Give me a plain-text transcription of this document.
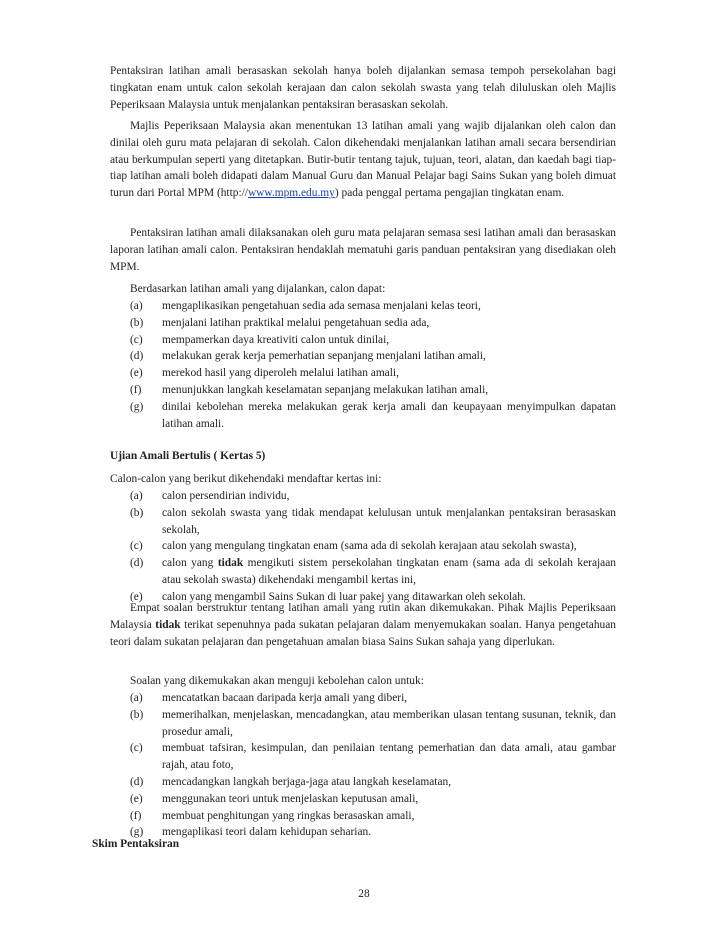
Pentaksiran latihan amali berasaskan sekolah hanya boleh dijalankan semasa tempoh persekolahan bagi tingkatan enam untuk calon sekolah kerajaan dan calon sekolah swasta yang telah diluluskan oleh Majlis Peperiksaan Malaysia untuk menjalankan pentaksiran berasaskan sekolah.
Majlis Peperiksaan Malaysia akan menentukan 13 latihan amali yang wajib dijalankan oleh calon dan dinilai oleh guru mata pelajaran di sekolah. Calon dikehendaki menjalankan latihan amali secara bersendirian atau berkumpulan seperti yang ditetapkan. Butir-butir tentang tajuk, tujuan, teori, alatan, dan kaedah bagi tiap-tiap latihan amali boleh didapati dalam Manual Guru dan Manual Pelajar bagi Sains Sukan yang boleh dimuat turun dari Portal MPM (http://www.mpm.edu.my) pada penggal pertama pengajian tingkatan enam.
Pentaksiran latihan amali dilaksanakan oleh guru mata pelajaran semasa sesi latihan amali dan berasaskan laporan latihan amali calon. Pentaksiran hendaklah mematuhi garis panduan pentaksiran yang disediakan oleh MPM.
Berdasarkan latihan amali yang dijalankan, calon dapat:
(a)	mengaplikasikan pengetahuan sedia ada semasa menjalani kelas teori,
(b)	menjalani latihan praktikal melalui pengetahuan sedia ada,
(c)	mempamerkan daya kreativiti calon untuk dinilai,
(d)	melakukan gerak kerja pemerhatian sepanjang menjalani latihan amali,
(e)	merekod hasil yang diperoleh melalui latihan amali,
(f)	menunjukkan langkah keselamatan sepanjang melakukan latihan amali,
(g)	dinilai kebolehan mereka melakukan gerak kerja amali dan keupayaan menyimpulkan dapatan latihan amali.
Ujian Amali Bertulis ( Kertas 5)
Calon-calon yang berikut dikehendaki mendaftar kertas ini:
(a)	calon persendirian individu,
(b)	calon sekolah swasta yang tidak mendapat kelulusan untuk menjalankan pentaksiran berasaskan sekolah,
(c)	calon yang mengulang tingkatan enam (sama ada di sekolah kerajaan atau sekolah swasta),
(d)	calon yang tidak mengikuti sistem persekolahan tingkatan enam (sama ada di sekolah kerajaan atau sekolah swasta) dikehendaki mengambil kertas ini,
(e)	calon yang mengambil Sains Sukan di luar pakej yang ditawarkan oleh sekolah.
Empat soalan berstruktur tentang latihan amali yang rutin akan dikemukakan. Pihak Majlis Peperiksaan Malaysia tidak terikat sepenuhnya pada sukatan pelajaran dalam menyemukakan soalan. Hanya pengetahuan teori dalam sukatan pelajaran dan pengetahuan amalan biasa Sains Sukan sahaja yang diperlukan.
Soalan yang dikemukakan akan menguji kebolehan calon untuk:
(a)	mencatatkan bacaan daripada kerja amali yang diberi,
(b)	memerihalkan, menjelaskan, mencadangkan, atau memberikan ulasan tentang susunan, teknik, dan prosedur amali,
(c)	membuat tafsiran, kesimpulan, dan penilaian tentang pemerhatian dan data amali, atau gambar rajah, atau foto,
(d)	mencadangkan langkah berjaga-jaga atau langkah keselamatan,
(e)	menggunakan teori untuk menjelaskan keputusan amali,
(f)	membuat penghitungan yang ringkas berasaskan amali,
(g)	mengaplikasi teori dalam kehidupan seharian.
Skim Pentaksiran
28
